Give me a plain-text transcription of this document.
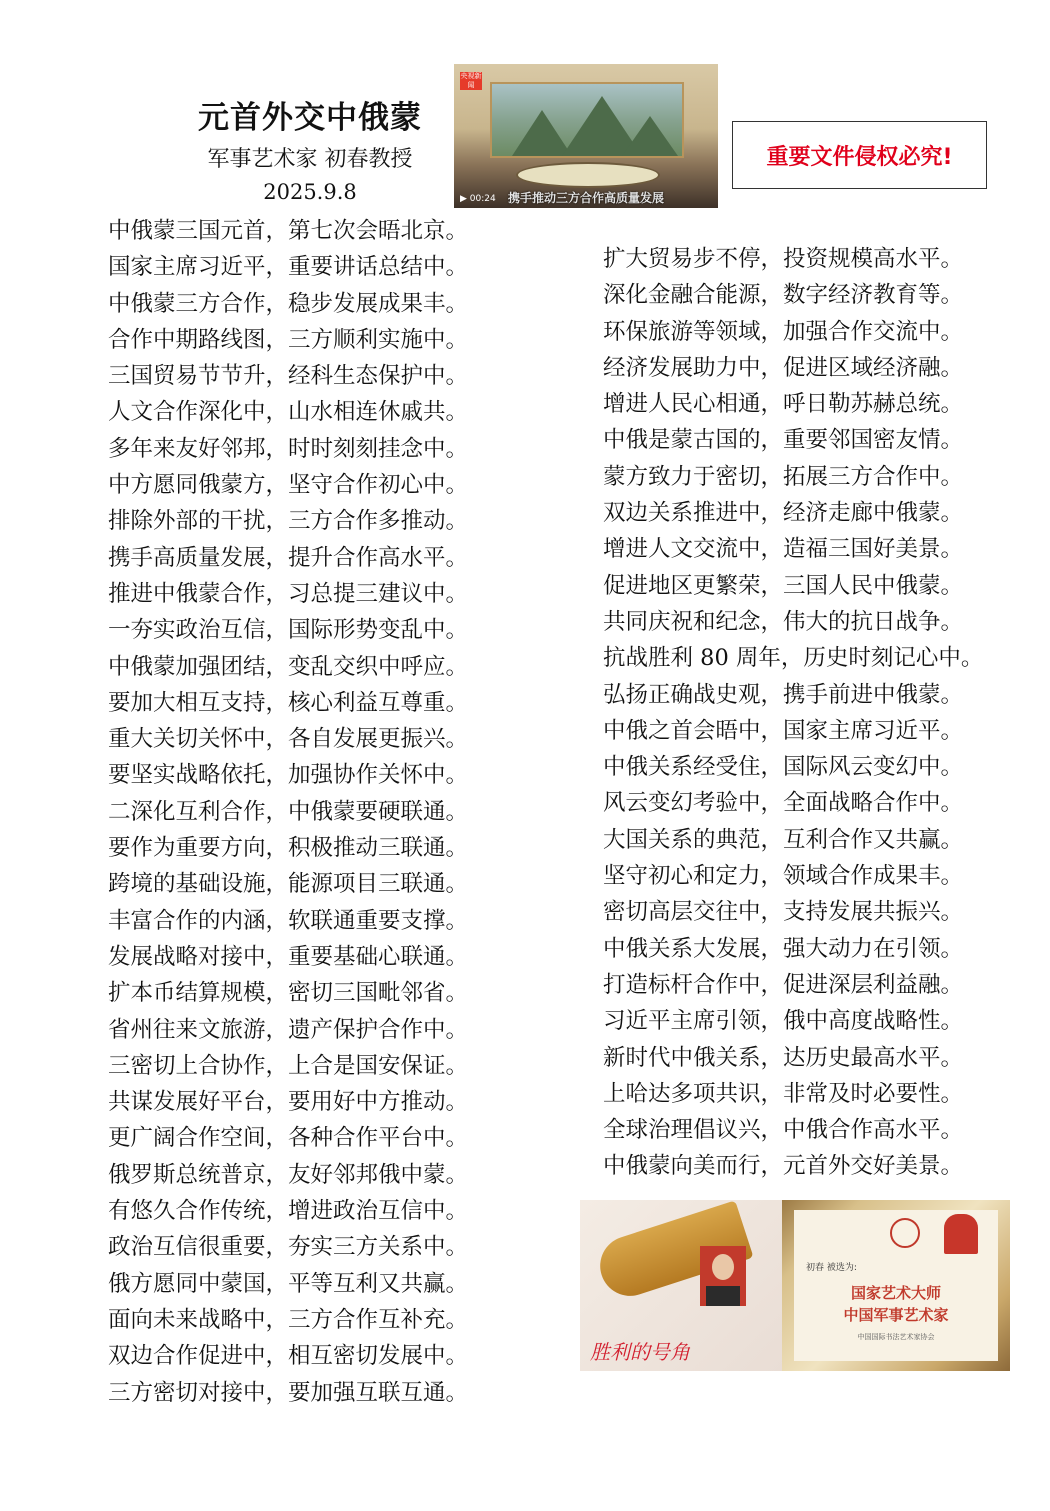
元首外交中俄蒙
军事艺术家 初春教授
2025.9.8
央视新闻
▶ 00:24	携手推动三方合作高质量发展
重要文件侵权必究!
中俄蒙三国元首，第七次会晤北京。
国家主席习近平，重要讲话总结中。
中俄蒙三方合作，稳步发展成果丰。
合作中期路线图，三方顺利实施中。
三国贸易节节升，经科生态保护中。
人文合作深化中，山水相连休戚共。
多年来友好邻邦，时时刻刻挂念中。
中方愿同俄蒙方，坚守合作初心中。
排除外部的干扰，三方合作多推动。
携手高质量发展，提升合作高水平。
推进中俄蒙合作，习总提三建议中。
一夯实政治互信，国际形势变乱中。
中俄蒙加强团结，变乱交织中呼应。
要加大相互支持，核心利益互尊重。
重大关切关怀中，各自发展更振兴。
要坚实战略依托，加强协作关怀中。
二深化互利合作，中俄蒙要硬联通。
要作为重要方向，积极推动三联通。
跨境的基础设施，能源项目三联通。
丰富合作的内涵，软联通重要支撑。
发展战略对接中，重要基础心联通。
扩本币结算规模，密切三国毗邻省。
省州往来文旅游，遗产保护合作中。
三密切上合协作，上合是国安保证。
共谋发展好平台，要用好中方推动。
更广阔合作空间，各种合作平台中。
俄罗斯总统普京，友好邻邦俄中蒙。
有悠久合作传统，增进政治互信中。
政治互信很重要，夯实三方关系中。
俄方愿同中蒙国，平等互利又共赢。
面向未来战略中，三方合作互补充。
双边合作促进中，相互密切发展中。
三方密切对接中，要加强互联互通。
扩大贸易步不停，投资规模高水平。
深化金融合能源，数字经济教育等。
环保旅游等领域，加强合作交流中。
经济发展助力中，促进区域经济融。
增进人民心相通，呼日勒苏赫总统。
中俄是蒙古国的，重要邻国密友情。
蒙方致力于密切，拓展三方合作中。
双边关系推进中，经济走廊中俄蒙。
增进人文交流中，造福三国好美景。
促进地区更繁荣，三国人民中俄蒙。
共同庆祝和纪念，伟大的抗日战争。
抗战胜利 80 周年，历史时刻记心中。
弘扬正确战史观，携手前进中俄蒙。
中俄之首会晤中，国家主席习近平。
中俄关系经受住，国际风云变幻中。
风云变幻考验中，全面战略合作中。
大国关系的典范，互利合作又共赢。
坚守初心和定力，领域合作成果丰。
密切高层交往中，支持发展共振兴。
中俄关系大发展，强大动力在引领。
打造标杆合作中，促进深层利益融。
习近平主席引领，俄中高度战略性。
新时代中俄关系，达历史最高水平。
上哈达多项共识，非常及时必要性。
全球治理倡议兴，中俄合作高水平。
中俄蒙向美而行，元首外交好美景。
胜利的号角
初春 被选为:
国家艺术大师
中国军事艺术家
中国国际书法艺术家协会
